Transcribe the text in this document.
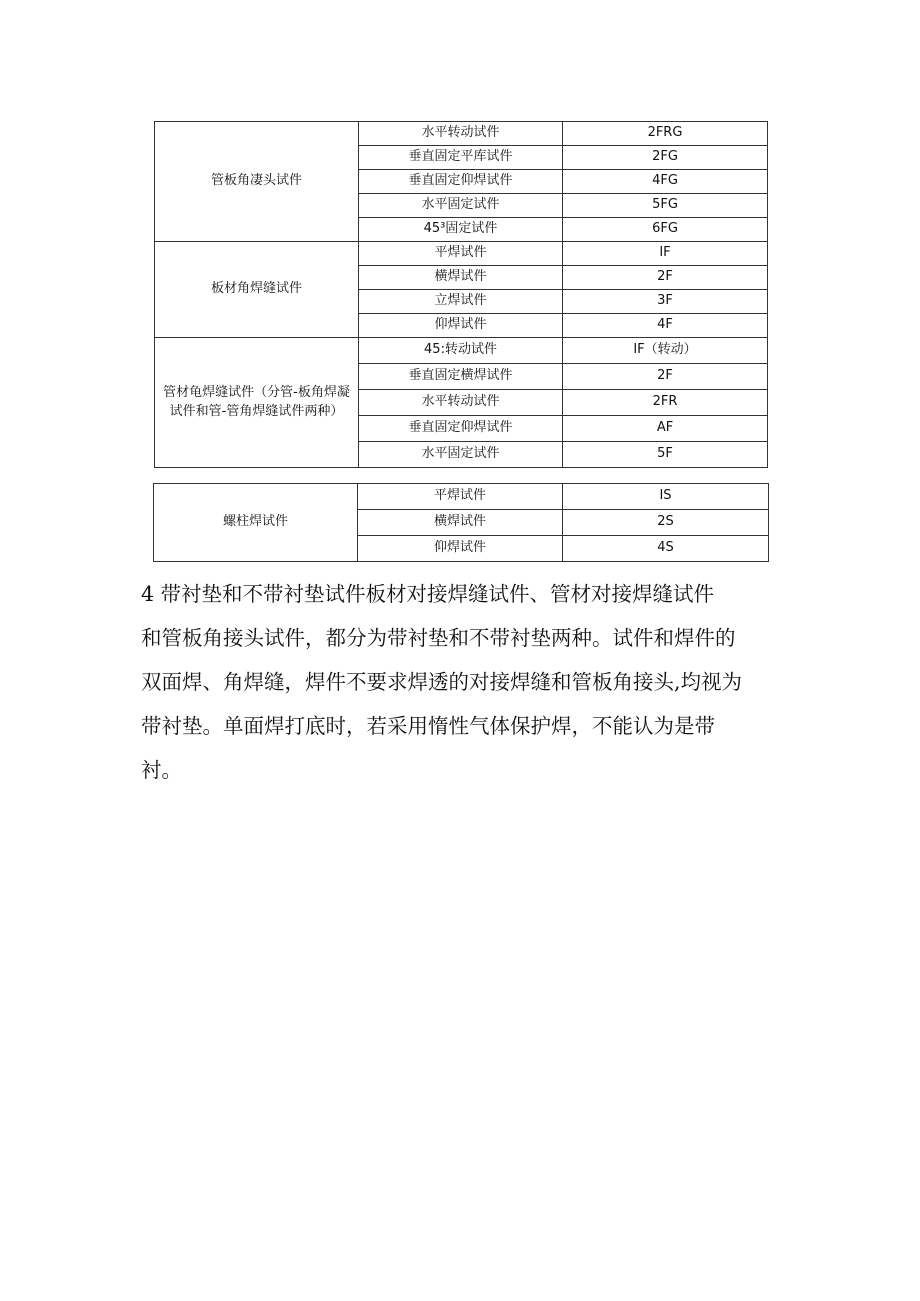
管板角凄头试件	水平转动试件	2FRG
	垂直固定平库试件	2FG
	垂直固定仰焊试件	4FG
	水平固定试件	5FG
	45³固定试件	6FG
板材角焊缝试件	平焊试件	IF
	横焊试件	2F
	立焊试件	3F
	仰焊试件	4F
管材龟焊缝试件（分管-板角焊凝试件和管-管角焊缝试件两种）	45:转动试件	IF（转动）
	垂直固定横焊试件	2F
	水平转动试件	2FR
	垂直固定仰焊试件	AF
	水平固定试件	5F
螺柱焊试件	平焊试件	IS
	横焊试件	2S
	仰焊试件	4S
4 带衬垫和不带衬垫试件板材对接焊缝试件、管材对接焊缝试件
和管板角接头试件，都分为带衬垫和不带衬垫两种。试件和焊件的
双面焊、角焊缝，焊件不要求焊透的对接焊缝和管板角接头,均视为
带衬垫。单面焊打底时，若采用惰性气体保护焊，不能认为是带
衬。
